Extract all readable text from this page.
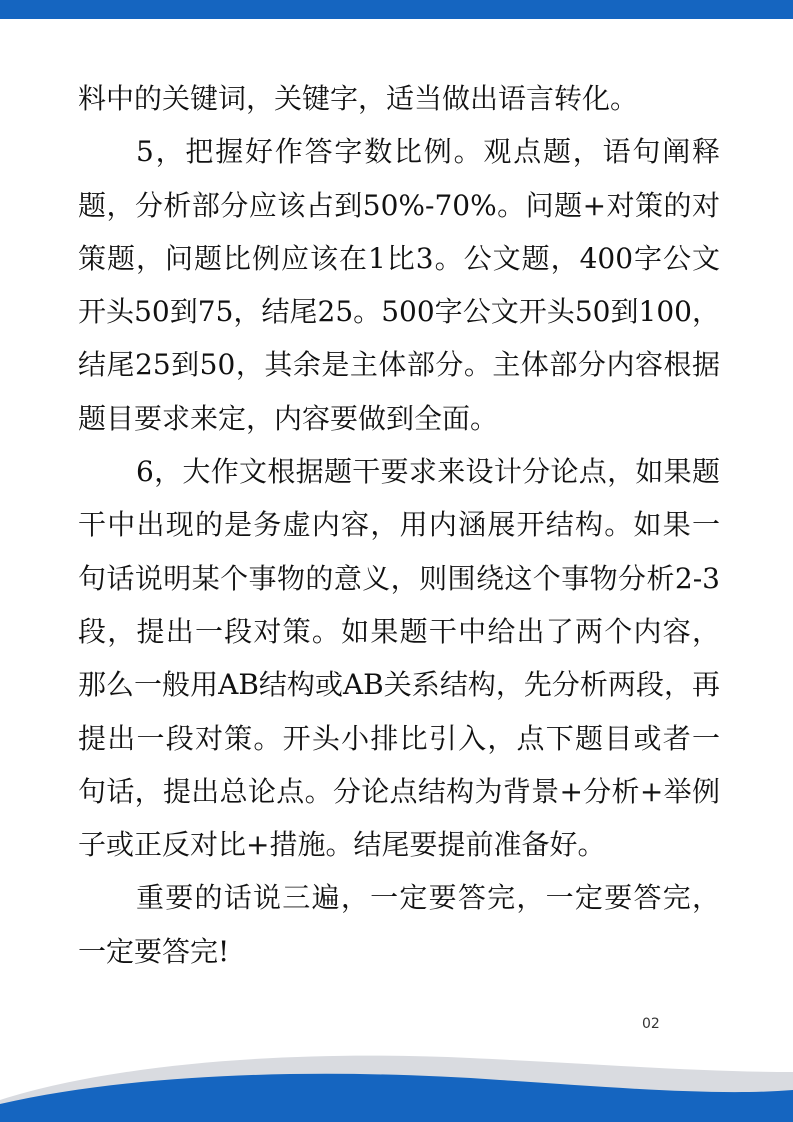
料中的关键词，关键字，适当做出语言转化。

5，把握好作答字数比例。观点题，语句阐释题，分析部分应该占到50%-70%。问题+对策的对策题，问题比例应该在1比3。公文题，400字公文开头50到75，结尾25。500字公文开头50到100，结尾25到50，其余是主体部分。主体部分内容根据题目要求来定，内容要做到全面。

6，大作文根据题干要求来设计分论点，如果题干中出现的是务虚内容，用内涵展开结构。如果一句话说明某个事物的意义，则围绕这个事物分析2-3段，提出一段对策。如果题干中给出了两个内容，那么一般用AB结构或AB关系结构，先分析两段，再提出一段对策。开头小排比引入，点下题目或者一句话，提出总论点。分论点结构为背景+分析+举例子或正反对比+措施。结尾要提前准备好。

重要的话说三遍，一定要答完，一定要答完，一定要答完!

02
